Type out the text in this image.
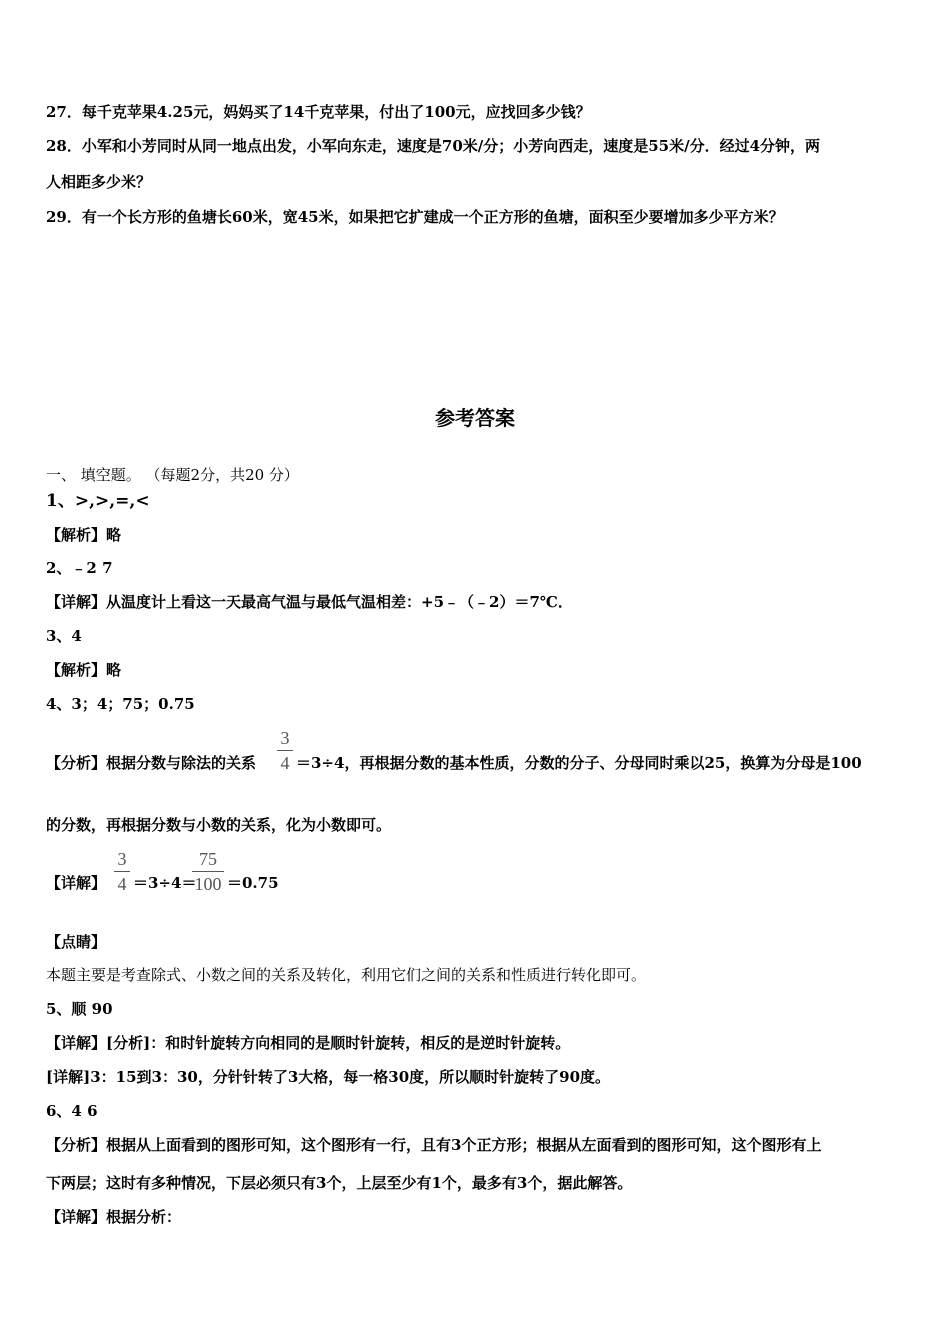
27．每千克苹果4.25元，妈妈买了14千克苹果，付出了100元，应找回多少钱？
28．小军和小芳同时从同一地点出发，小军向东走，速度是70米/分；小芳向西走，速度是55米/分．经过4分钟，两
人相距多少米？
29．有一个长方形的鱼塘长60米，宽45米，如果把它扩建成一个正方形的鱼塘，面积至少要增加多少平方米？
参考答案
一、 填空题。 （每题2分，共20 分）
1、>,>,=,<
【解析】略
2、﹣2 7
【详解】从温度计上看这一天最高气温与最低气温相差：+5﹣（﹣2）＝7℃．
3、4
【解析】略
4、3；4；75；0.75
【分析】根据分数与除法的关系
3
4 ＝3÷4，再根据分数的基本性质，分数的分子、分母同时乘以25，换算为分母是100
的分数，再根据分数与小数的关系，化为小数即可。
【详解】
3
4 ＝3÷4＝
75
100 ＝0.75
【点睛】
本题主要是考查除式、小数之间的关系及转化，利用它们之间的关系和性质进行转化即可。
5、顺 90
【详解】[分析]：和时针旋转方向相同的是顺时针旋转，相反的是逆时针旋转。
[详解]3：15到3：30，分针针转了3大格，每一格30度，所以顺时针旋转了90度。
6、4 6
【分析】根据从上面看到的图形可知，这个图形有一行，且有3个正方形；根据从左面看到的图形可知，这个图形有上
下两层；这时有多种情况，下层必须只有3个，上层至少有1个，最多有3个，据此解答。
【详解】根据分析：
